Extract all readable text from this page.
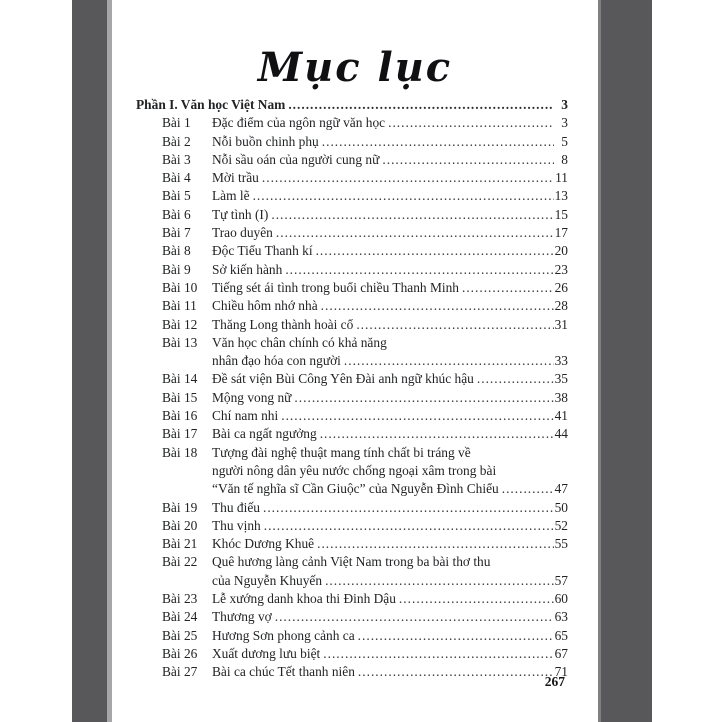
Mục lục
Phần I. Văn học Việt Nam .....	3
Bài 1	Đặc điểm của ngôn ngữ văn học .....	3
Bài 2	Nỗi buồn chinh phụ .....	5
Bài 3	Nỗi sầu oán của người cung nữ .....	8
Bài 4	Mời trầu .....	11
Bài 5	Làm lẽ .....	13
Bài 6	Tự tình (I) .....	15
Bài 7	Trao duyên .....	17
Bài 8	Độc Tiểu Thanh kí .....	20
Bài 9	Sở kiến hành .....	23
Bài 10	Tiếng sét ái tình trong buổi chiều Thanh Minh .....	26
Bài 11	Chiều hôm nhớ nhà .....	28
Bài 12	Thăng Long thành hoài cổ .....	31
Bài 13	Văn học chân chính có khả năng
nhân đạo hóa con người .....	33
Bài 14	Đề sát viện Bùi Công Yên Đài anh ngữ khúc hậu .....	35
Bài 15	Mộng vong nữ .....	38
Bài 16	Chí nam nhi .....	41
Bài 17	Bài ca ngất ngưởng .....	44
Bài 18	Tượng đài nghệ thuật mang tính chất bi tráng về
người nông dân yêu nước chống ngoại xâm trong bài
“Văn tế nghĩa sĩ Cần Giuộc” của Nguyễn Đình Chiểu .....	47
Bài 19	Thu điếu .....	50
Bài 20	Thu vịnh .....	52
Bài 21	Khóc Dương Khuê .....	55
Bài 22	Quê hương làng cảnh Việt Nam trong ba bài thơ thu
của Nguyễn Khuyến .....	57
Bài 23	Lễ xướng danh khoa thi Đinh Dậu .....	60
Bài 24	Thương vợ .....	63
Bài 25	Hương Sơn phong cảnh ca .....	65
Bài 26	Xuất dương lưu biệt .....	67
Bài 27	Bài ca chúc Tết thanh niên .....	71
267
